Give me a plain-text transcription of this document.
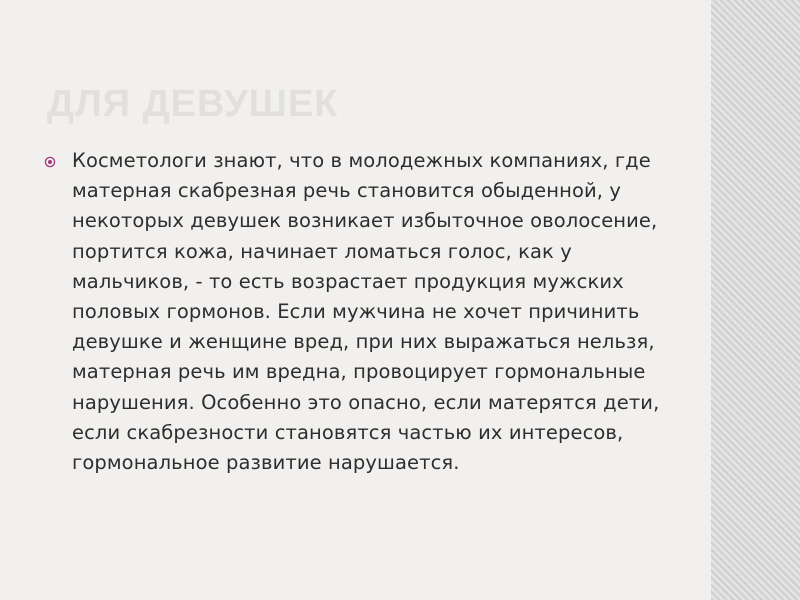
ДЛЯ ДЕВУШЕК
Косметологи знают, что в молодежных компаниях, где матерная скабрезная речь становится обыденной, у некоторых девушек возникает избыточное оволосение, портится кожа, начинает ломаться голос, как у мальчиков, - то есть возрастает продукция мужских половых гормонов. Если мужчина не хочет причинить девушке и женщине вред, при них выражаться нельзя, матерная речь им вредна, провоцирует гормональные нарушения. Особенно это опасно, если матерятся дети, если скабрезности становятся частью их интересов, гормональное развитие нарушается.
